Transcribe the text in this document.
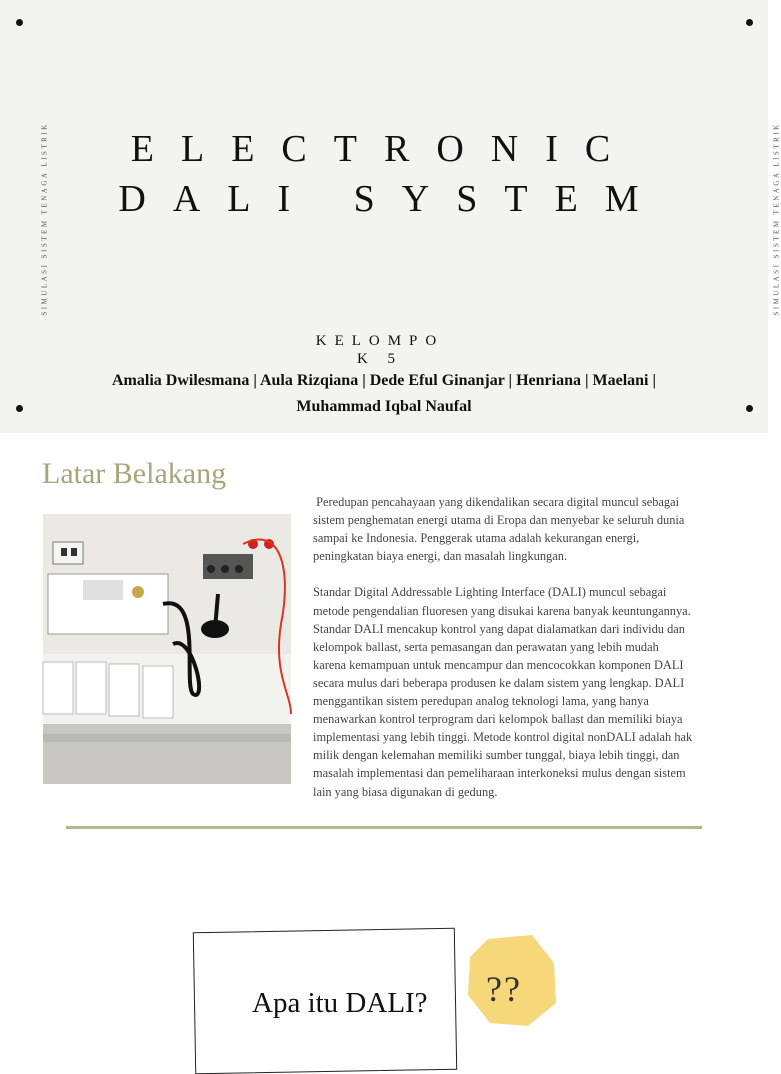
SIMULASI SISTEM TENAGA LISTRIK	SIMULASI SISTEM TENAGA LISTRIK
ELECTRONIC
DALI SYSTEM
KELOMPO
K 5
Amalia Dwilesmana | Aula Rizqiana | Dede Eful Ginanjar | Henriana | Maelani | Muhammad Iqbal Naufal
Latar Belakang
Peredupan pencahayaan yang dikendalikan secara digital muncul sebagai sistem penghematan energi utama di Eropa dan menyebar ke seluruh dunia sampai ke Indonesia. Penggerak utama adalah kekurangan energi, peningkatan biaya energi, dan masalah lingkungan.

Standar Digital Addressable Lighting Interface (DALI) muncul sebagai metode pengendalian fluoresen yang disukai karena banyak keuntungannya. Standar DALI mencakup kontrol yang dapat dialamatkan dari individu dan kelompok ballast, serta pemasangan dan perawatan yang lebih mudah karena kemampuan untuk mencampur dan mencocokkan komponen DALI secara mulus dari beberapa produsen ke dalam sistem yang lengkap. DALI menggantikan sistem peredupan analog teknologi lama, yang hanya menawarkan kontrol terprogram dari kelompok ballast dan memiliki biaya implementasi yang lebih tinggi. Metode kontrol digital nonDALI adalah hak milik dengan kelemahan memiliki sumber tunggal, biaya lebih tinggi, dan masalah implementasi dan pemeliharaan interkoneksi mulus dengan sistem lain yang biasa digunakan di gedung.
Apa itu DALI? ??
